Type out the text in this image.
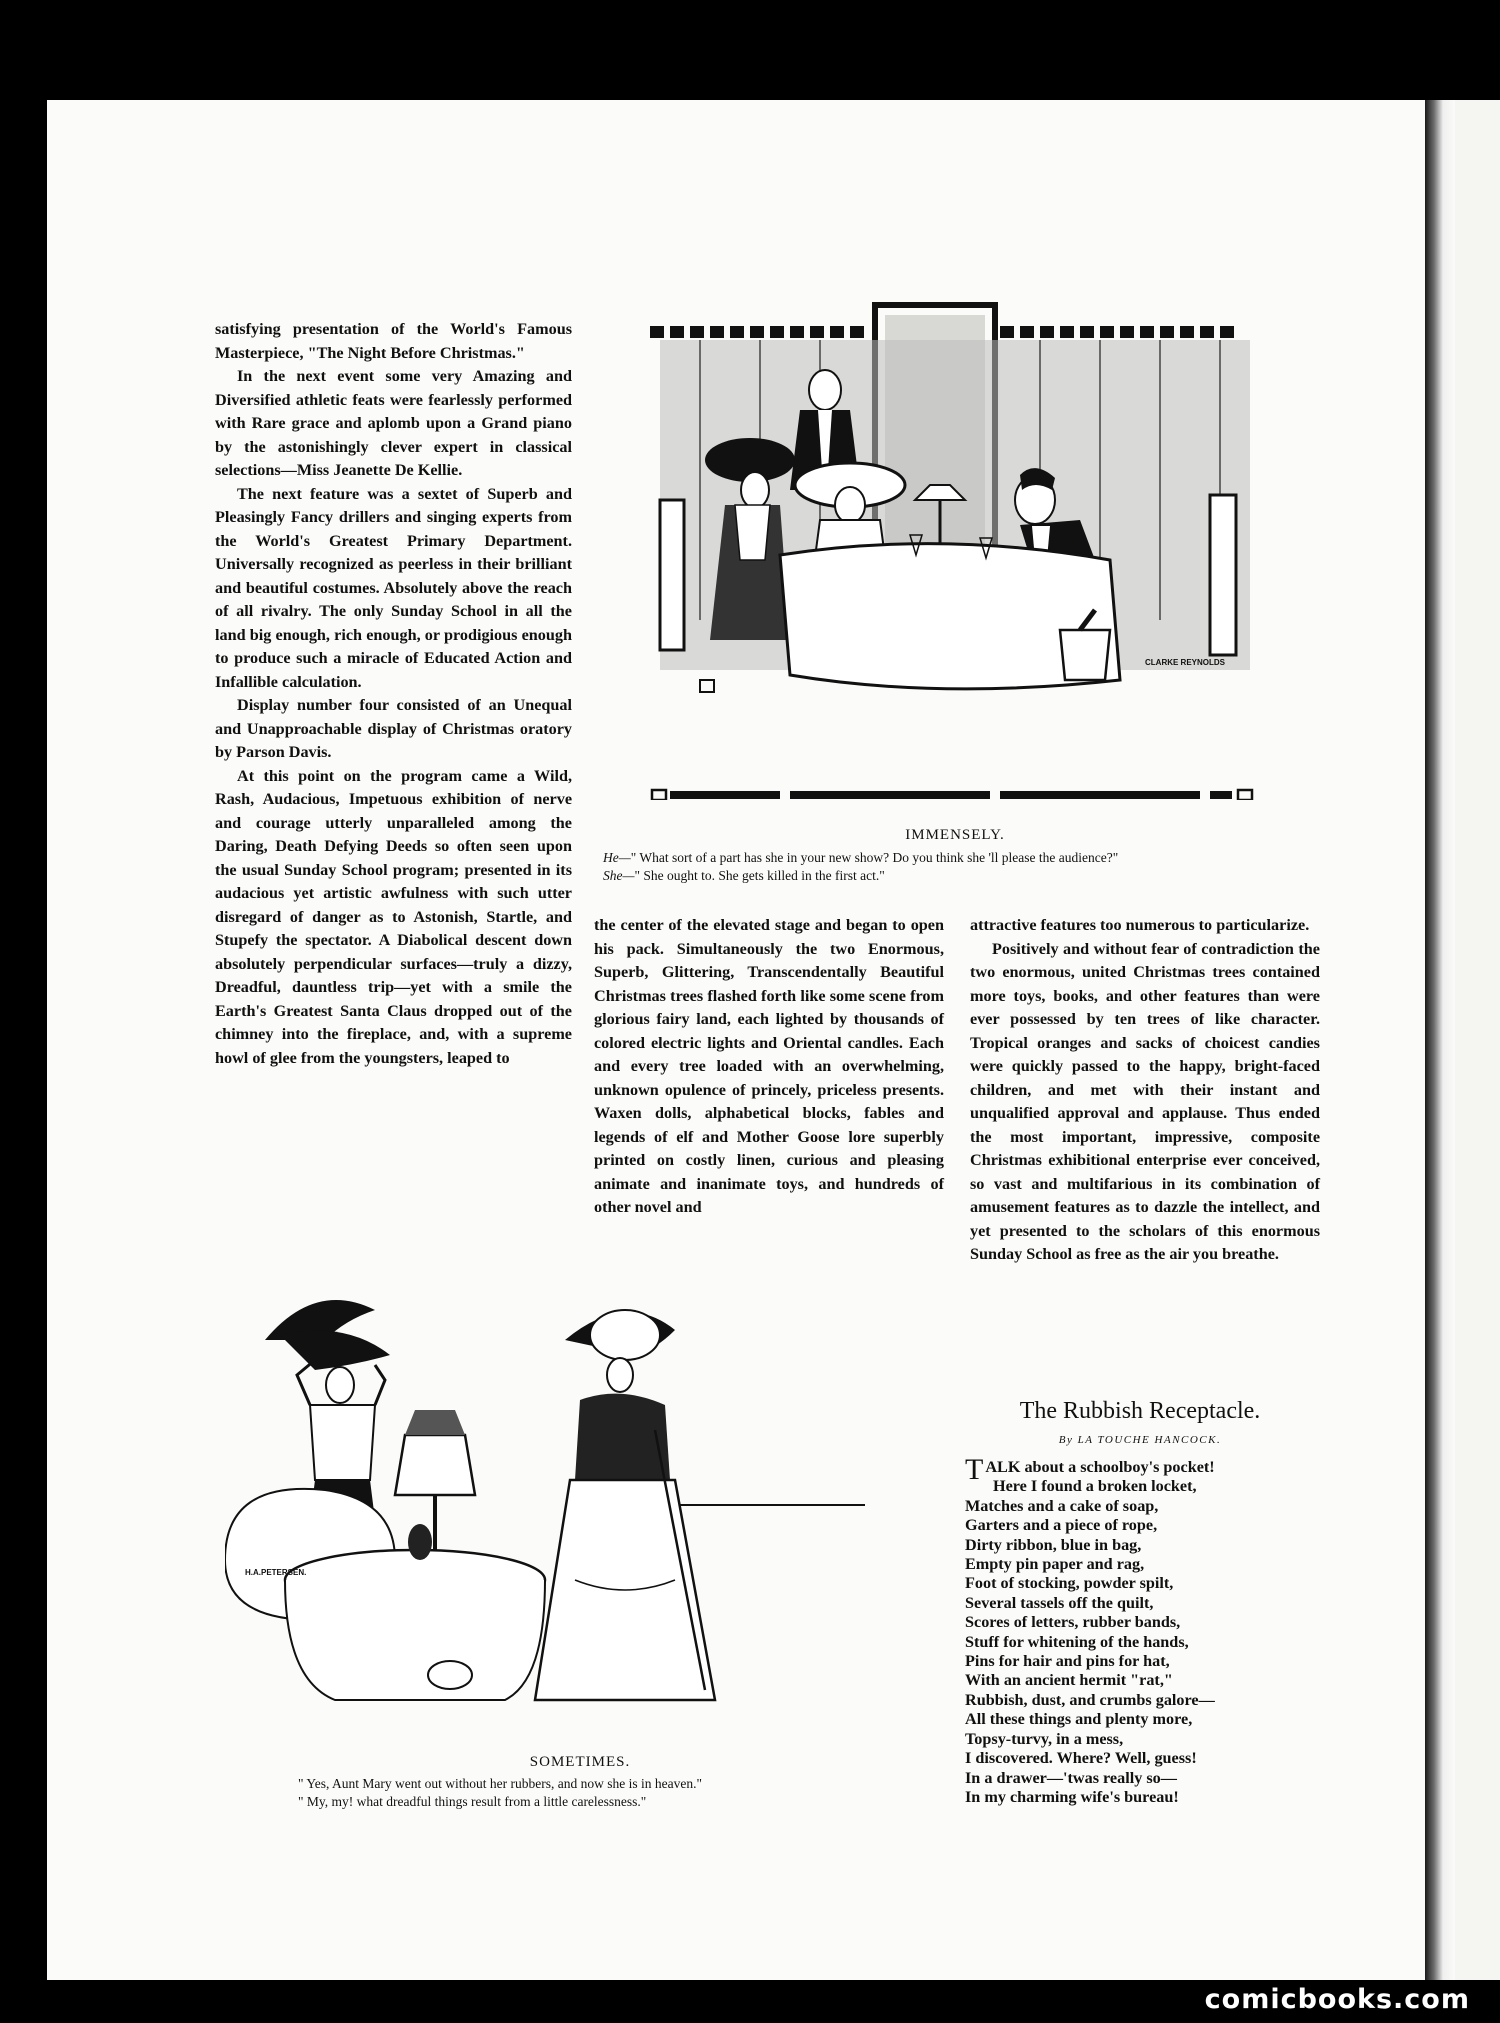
satisfying presentation of the World's Famous Masterpiece, "The Night Before Christmas."

In the next event some very Amazing and Diversified athletic feats were fearlessly performed with Rare grace and aplomb upon a Grand piano by the astonishingly clever expert in classical selections—Miss Jeanette De Kellie.

The next feature was a sextet of Superb and Pleasingly Fancy drillers and singing experts from the World's Greatest Primary Department. Universally recognized as peerless in their brilliant and beautiful costumes. Absolutely above the reach of all rivalry. The only Sunday School in all the land big enough, rich enough, or prodigious enough to produce such a miracle of Educated Action and Infallible calculation.

Display number four consisted of an Unequal and Unapproachable display of Christmas oratory by Parson Davis.

At this point on the program came a Wild, Rash, Audacious, Impetuous exhibition of nerve and courage utterly unparalleled among the Daring, Death Defying Deeds so often seen upon the usual Sunday School program; presented in its audacious yet artistic awfulness with such utter disregard of danger as to Astonish, Startle, and Stupefy the spectator. A Diabolical descent down absolutely perpendicular surfaces—truly a dizzy, Dreadful, dauntless trip—yet with a smile the Earth's Greatest Santa Claus dropped out of the chimney into the fireplace, and, with a supreme howl of glee from the youngsters, leaped to

the center of the elevated stage and began to open his pack. Simultaneously the two Enormous, Superb, Glittering, Transcendentally Beautiful Christmas trees flashed forth like some scene from glorious fairy land, each lighted by thousands of colored electric lights and Oriental candles. Each and every tree loaded with an overwhelming, unknown opulence of princely, priceless presents. Waxen dolls, alphabetical blocks, fables and legends of elf and Mother Goose lore superbly printed on costly linen, curious and pleasing animate and inanimate toys, and hundreds of other novel and

attractive features too numerous to particularize.

Positively and without fear of contradiction the two enormous, united Christmas trees contained more toys, books, and other features than were ever possessed by ten trees of like character. Tropical oranges and sacks of choicest candies were quickly passed to the happy, bright-faced children, and met with their instant and unqualified approval and applause. Thus ended the most important, impressive, composite Christmas exhibitional enterprise ever conceived, so vast and multifarious in its combination of amusement features as to dazzle the intellect, and yet presented to the scholars of this enormous Sunday School as free as the air you breathe.

CLARKE REYNOLDS
IMMENSELY.
He—" What sort of a part has she in your new show? Do you think she 'll please the audience?"
She—" She ought to. She gets killed in the first act."
H.A.PETERSEN.
SOMETIMES.
" Yes, Aunt Mary went out without her rubbers, and now she is in heaven."
" My, my! what dreadful things result from a little carelessness."
The Rubbish Receptacle.
By LA TOUCHE HANCOCK.
TALK about a schoolboy's pocket!
Here I found a broken locket,
Matches and a cake of soap,
Garters and a piece of rope,
Dirty ribbon, blue in bag,
Empty pin paper and rag,
Foot of stocking, powder spilt,
Several tassels off the quilt,
Scores of letters, rubber bands,
Stuff for whitening of the hands,
Pins for hair and pins for hat,
With an ancient hermit "rat,"
Rubbish, dust, and crumbs galore—
All these things and plenty more,
Topsy-turvy, in a mess,
I discovered. Where? Well, guess!
In a drawer—'twas really so—
In my charming wife's bureau!
comicbooks.com
